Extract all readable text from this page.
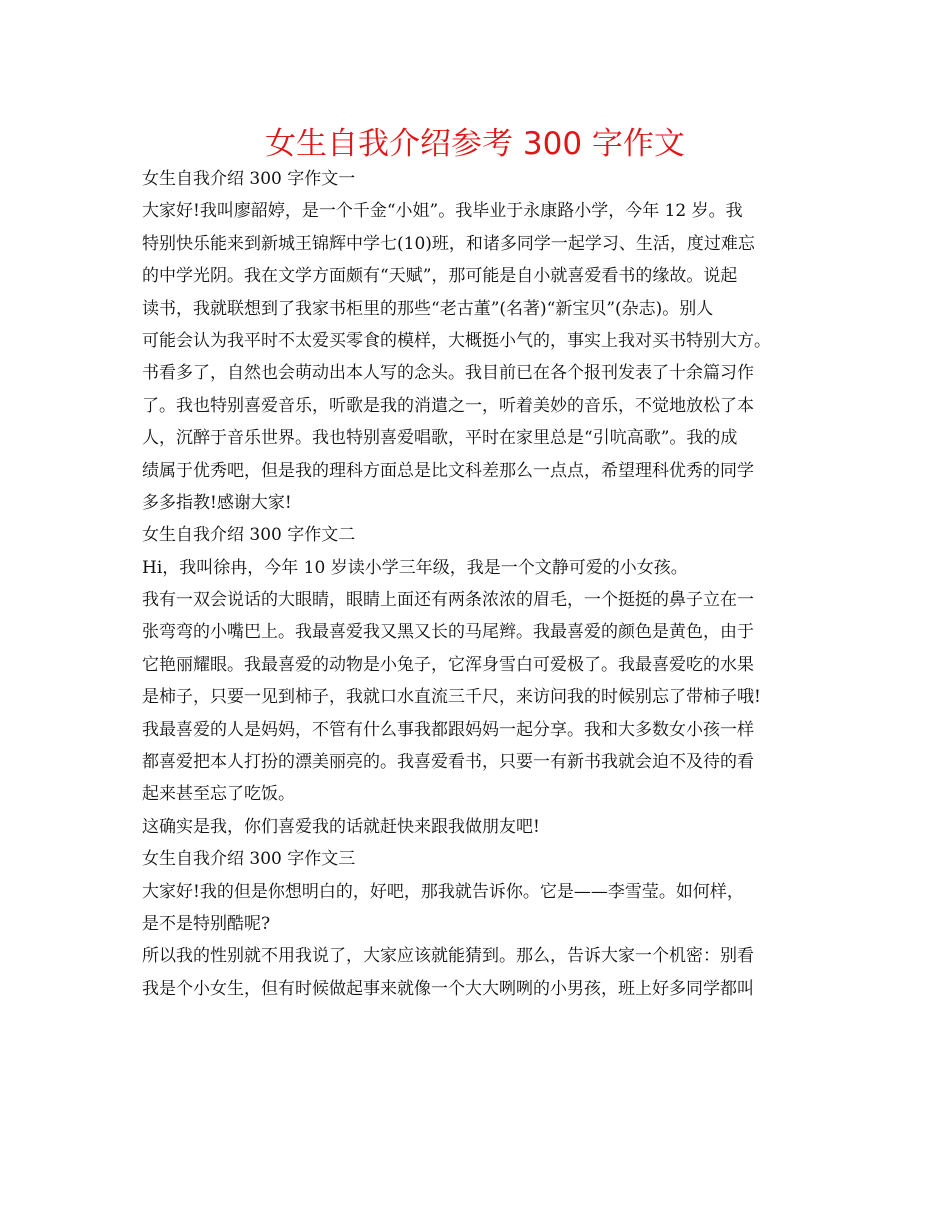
女生自我介绍参考 300 字作文
女生自我介绍 300 字作文一
大家好!我叫廖韶婷，是一个千金“小姐”。我毕业于永康路小学，今年 12 岁。我
特别快乐能来到新城王锦辉中学七(10)班，和诸多同学一起学习、生活，度过难忘
的中学光阴。我在文学方面颇有“天赋”，那可能是自小就喜爱看书的缘故。说起
读书，我就联想到了我家书柜里的那些“老古董”(名著)“新宝贝”(杂志)。别人
可能会认为我平时不太爱买零食的模样，大概挺小气的，事实上我对买书特别大方。
书看多了，自然也会萌动出本人写的念头。我目前已在各个报刊发表了十余篇习作
了。我也特别喜爱音乐，听歌是我的消遣之一，听着美妙的音乐，不觉地放松了本
人，沉醉于音乐世界。我也特别喜爱唱歌，平时在家里总是“引吭高歌”。我的成
绩属于优秀吧，但是我的理科方面总是比文科差那么一点点，希望理科优秀的同学
多多指教!感谢大家!
女生自我介绍 300 字作文二
Hi，我叫徐冉，今年 10 岁读小学三年级，我是一个文静可爱的小女孩。
我有一双会说话的大眼睛，眼睛上面还有两条浓浓的眉毛，一个挺挺的鼻子立在一
张弯弯的小嘴巴上。我最喜爱我又黑又长的马尾辫。我最喜爱的颜色是黄色，由于
它艳丽耀眼。我最喜爱的动物是小兔子，它浑身雪白可爱极了。我最喜爱吃的水果
是柿子，只要一见到柿子，我就口水直流三千尺，来访问我的时候别忘了带柿子哦!
我最喜爱的人是妈妈，不管有什么事我都跟妈妈一起分享。我和大多数女小孩一样
都喜爱把本人打扮的漂美丽亮的。我喜爱看书，只要一有新书我就会迫不及待的看
起来甚至忘了吃饭。
这确实是我，你们喜爱我的话就赶快来跟我做朋友吧!
女生自我介绍 300 字作文三
大家好!我的但是你想明白的，好吧，那我就告诉你。它是——李雪莹。如何样，
是不是特别酷呢?
所以我的性别就不用我说了，大家应该就能猜到。那么，告诉大家一个机密：别看
我是个小女生，但有时候做起事来就像一个大大咧咧的小男孩，班上好多同学都叫
